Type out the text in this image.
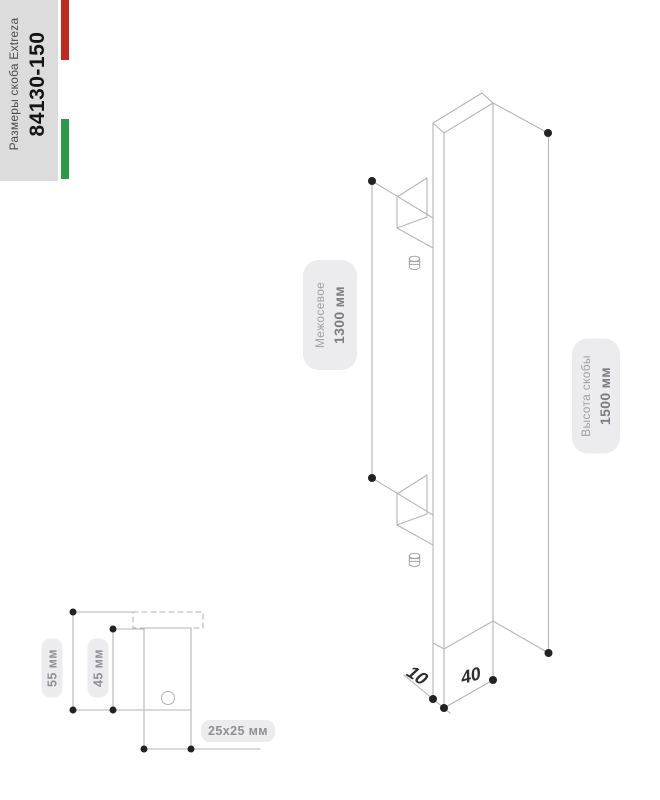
Размеры скоба Extreza 84130-150
Межосевое 1300 мм
Высота скобы 1500 мм
10 40
55 мм	45 мм
25x25 мм
